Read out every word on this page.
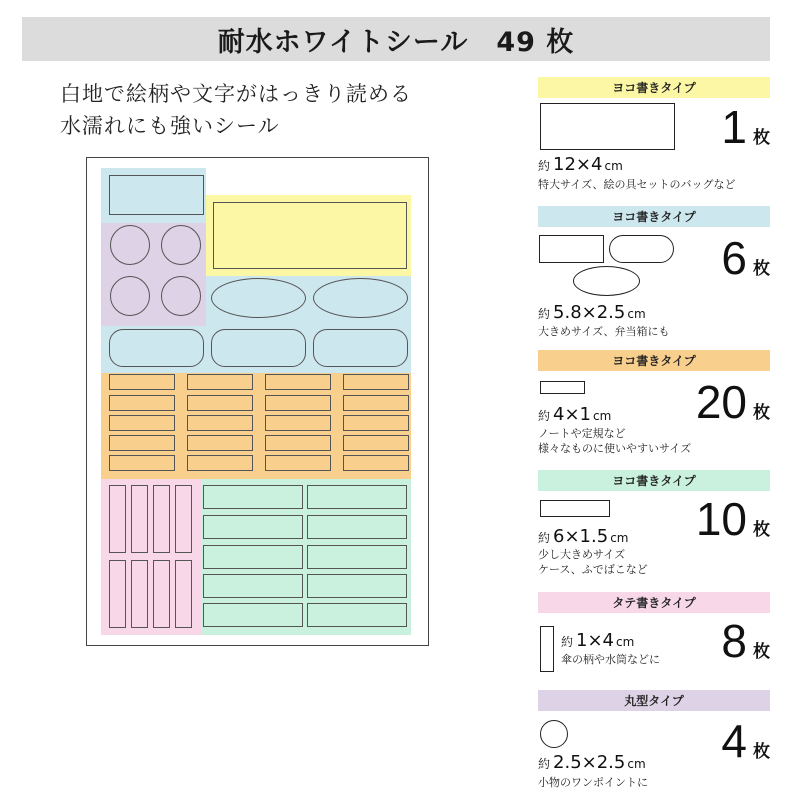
耐水ホワイトシール　49 枚
白地で絵柄や文字がはっきり読める
水濡れにも強いシール
ヨコ書きタイプ
1 枚
約 12×4 cm
特大サイズ、絵の具セットのバッグなど
ヨコ書きタイプ
6 枚
約 5.8×2.5 cm
大きめサイズ、弁当箱にも
ヨコ書きタイプ
20 枚
約 4×1 cm
ノートや定規など
様々なものに使いやすいサイズ
ヨコ書きタイプ
10 枚
約 6×1.5 cm
少し大きめサイズ
ケース、ふでばこなど
タテ書きタイプ
8 枚
約 1×4 cm
傘の柄や水筒などに
丸型タイプ
4 枚
約 2.5×2.5 cm
小物のワンポイントに
